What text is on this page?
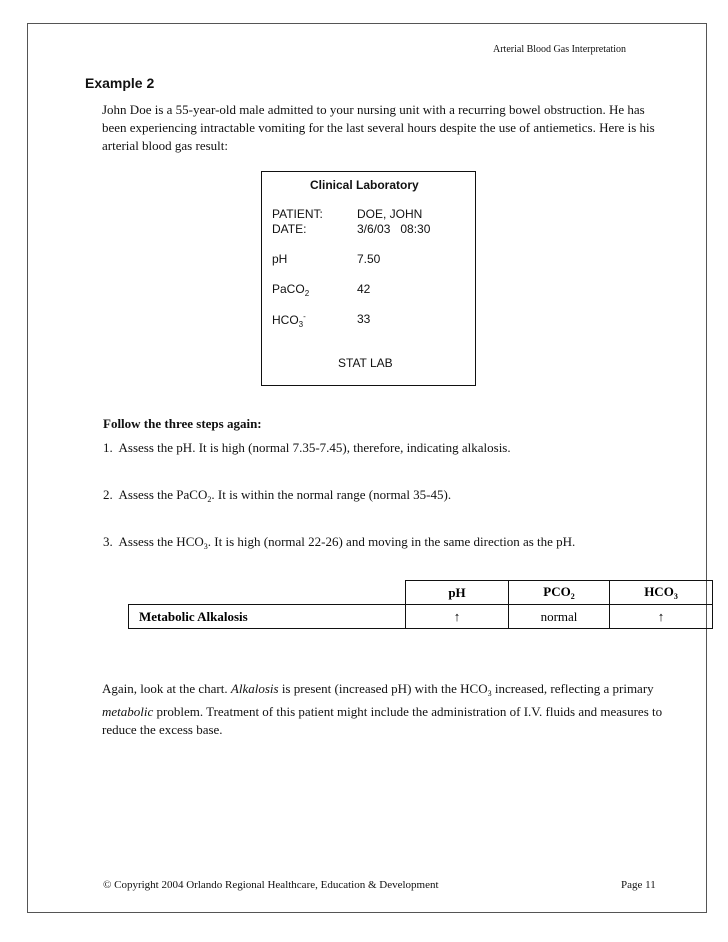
Arterial Blood Gas Interpretation
Example 2
John Doe is a 55-year-old male admitted to your nursing unit with a recurring bowel obstruction. He has been experiencing intractable vomiting for the last several hours despite the use of antiemetics. Here is his arterial blood gas result:
Clinical Laboratory
PATIENT:	DOE, JOHN
DATE:	3/6/03   08:30
pH	7.50
PaCO$_2$	42
$HCO_3^-$	33
STAT LAB
Follow the three steps again:
1.  Assess the pH. It is high (normal 7.35-7.45), therefore, indicating alkalosis.
2.  Assess the PaCO$_2$. It is within the normal range (normal 35-45).
3.  Assess the $HCO_3$. It is high (normal 22-26) and moving in the same direction as the pH.
		pH	$PCO_2$	$HCO_3$
Metabolic Alkalosis		↑	normal	↑
Again, look at the chart. Alkalosis is present (increased pH) with the $HCO_3$ increased, reflecting a primary metabolic problem. Treatment of this patient might include the administration of I.V. fluids and measures to reduce the excess base.
© Copyright 2004 Orlando Regional Healthcare, Education & Development	Page 11
